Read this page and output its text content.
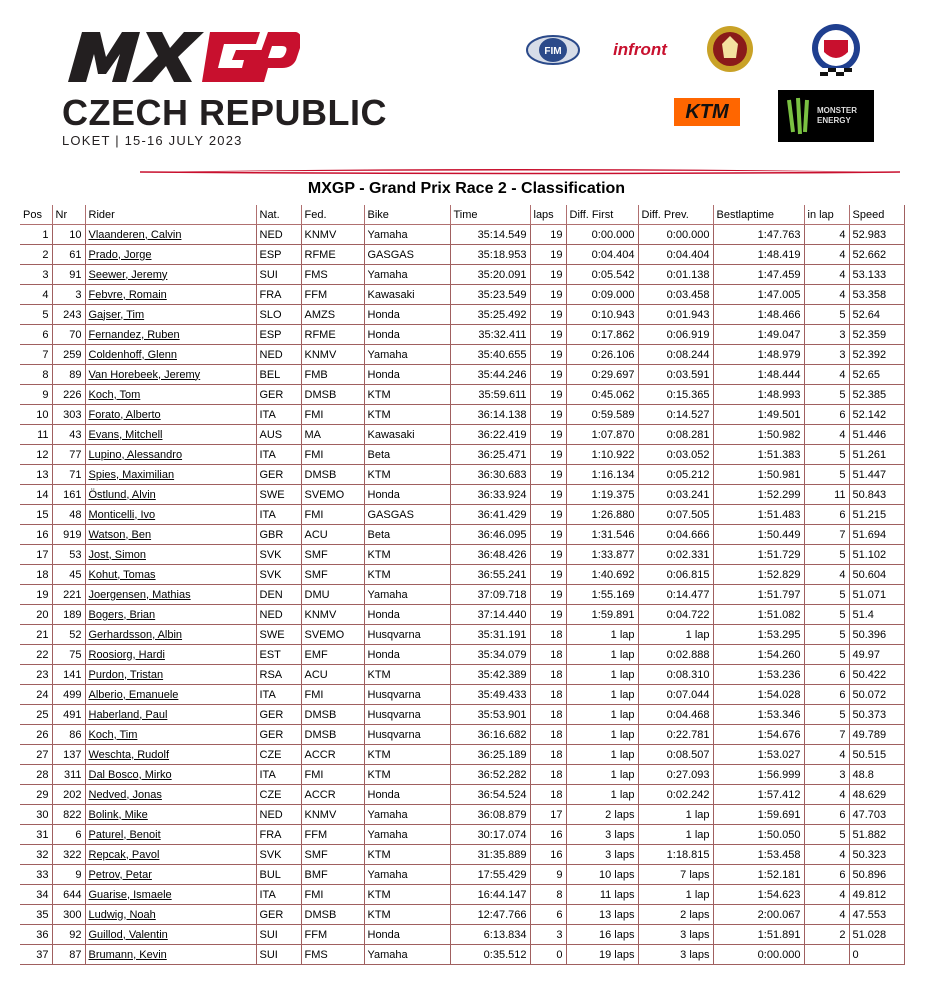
CZECH REPUBLIC
LOKET | 15-16 JULY 2023
FIM	infront
KTM	MONSTER ENERGY
MXGP - Grand Prix Race 2 - Classification
Pos	Nr	Rider	Nat.	Fed.	Bike	Time	laps	Diff. First	Diff. Prev.	Bestlaptime	in lap	Speed
1	10	Vlaanderen, Calvin	NED	KNMV	Yamaha	35:14.549	19	0:00.000	0:00.000	1:47.763	4	52.983
2	61	Prado, Jorge	ESP	RFME	GASGAS	35:18.953	19	0:04.404	0:04.404	1:48.419	4	52.662
3	91	Seewer, Jeremy	SUI	FMS	Yamaha	35:20.091	19	0:05.542	0:01.138	1:47.459	4	53.133
4	3	Febvre, Romain	FRA	FFM	Kawasaki	35:23.549	19	0:09.000	0:03.458	1:47.005	4	53.358
5	243	Gajser, Tim	SLO	AMZS	Honda	35:25.492	19	0:10.943	0:01.943	1:48.466	5	52.64
6	70	Fernandez, Ruben	ESP	RFME	Honda	35:32.411	19	0:17.862	0:06.919	1:49.047	3	52.359
7	259	Coldenhoff, Glenn	NED	KNMV	Yamaha	35:40.655	19	0:26.106	0:08.244	1:48.979	3	52.392
8	89	Van Horebeek, Jeremy	BEL	FMB	Honda	35:44.246	19	0:29.697	0:03.591	1:48.444	4	52.65
9	226	Koch, Tom	GER	DMSB	KTM	35:59.611	19	0:45.062	0:15.365	1:48.993	5	52.385
10	303	Forato, Alberto	ITA	FMI	KTM	36:14.138	19	0:59.589	0:14.527	1:49.501	6	52.142
11	43	Evans, Mitchell	AUS	MA	Kawasaki	36:22.419	19	1:07.870	0:08.281	1:50.982	4	51.446
12	77	Lupino, Alessandro	ITA	FMI	Beta	36:25.471	19	1:10.922	0:03.052	1:51.383	5	51.261
13	71	Spies, Maximilian	GER	DMSB	KTM	36:30.683	19	1:16.134	0:05.212	1:50.981	5	51.447
14	161	Östlund, Alvin	SWE	SVEMO	Honda	36:33.924	19	1:19.375	0:03.241	1:52.299	11	50.843
15	48	Monticelli, Ivo	ITA	FMI	GASGAS	36:41.429	19	1:26.880	0:07.505	1:51.483	6	51.215
16	919	Watson, Ben	GBR	ACU	Beta	36:46.095	19	1:31.546	0:04.666	1:50.449	7	51.694
17	53	Jost, Simon	SVK	SMF	KTM	36:48.426	19	1:33.877	0:02.331	1:51.729	5	51.102
18	45	Kohut, Tomas	SVK	SMF	KTM	36:55.241	19	1:40.692	0:06.815	1:52.829	4	50.604
19	221	Joergensen, Mathias	DEN	DMU	Yamaha	37:09.718	19	1:55.169	0:14.477	1:51.797	5	51.071
20	189	Bogers, Brian	NED	KNMV	Honda	37:14.440	19	1:59.891	0:04.722	1:51.082	5	51.4
21	52	Gerhardsson, Albin	SWE	SVEMO	Husqvarna	35:31.191	18	1 lap	1 lap	1:53.295	5	50.396
22	75	Roosiorg, Hardi	EST	EMF	Honda	35:34.079	18	1 lap	0:02.888	1:54.260	5	49.97
23	141	Purdon, Tristan	RSA	ACU	KTM	35:42.389	18	1 lap	0:08.310	1:53.236	6	50.422
24	499	Alberio, Emanuele	ITA	FMI	Husqvarna	35:49.433	18	1 lap	0:07.044	1:54.028	6	50.072
25	491	Haberland, Paul	GER	DMSB	Husqvarna	35:53.901	18	1 lap	0:04.468	1:53.346	5	50.373
26	86	Koch, Tim	GER	DMSB	Husqvarna	36:16.682	18	1 lap	0:22.781	1:54.676	7	49.789
27	137	Weschta, Rudolf	CZE	ACCR	KTM	36:25.189	18	1 lap	0:08.507	1:53.027	4	50.515
28	311	Dal Bosco, Mirko	ITA	FMI	KTM	36:52.282	18	1 lap	0:27.093	1:56.999	3	48.8
29	202	Nedved, Jonas	CZE	ACCR	Honda	36:54.524	18	1 lap	0:02.242	1:57.412	4	48.629
30	822	Bolink, Mike	NED	KNMV	Yamaha	36:08.879	17	2 laps	1 lap	1:59.691	6	47.703
31	6	Paturel, Benoit	FRA	FFM	Yamaha	30:17.074	16	3 laps	1 lap	1:50.050	5	51.882
32	322	Repcak, Pavol	SVK	SMF	KTM	31:35.889	16	3 laps	1:18.815	1:53.458	4	50.323
33	9	Petrov, Petar	BUL	BMF	Yamaha	17:55.429	9	10 laps	7 laps	1:52.181	6	50.896
34	644	Guarise, Ismaele	ITA	FMI	KTM	16:44.147	8	11 laps	1 lap	1:54.623	4	49.812
35	300	Ludwig, Noah	GER	DMSB	KTM	12:47.766	6	13 laps	2 laps	2:00.067	4	47.553
36	92	Guillod, Valentin	SUI	FFM	Honda	6:13.834	3	16 laps	3 laps	1:51.891	2	51.028
37	87	Brumann, Kevin	SUI	FMS	Yamaha	0:35.512	0	19 laps	3 laps	0:00.000		0
